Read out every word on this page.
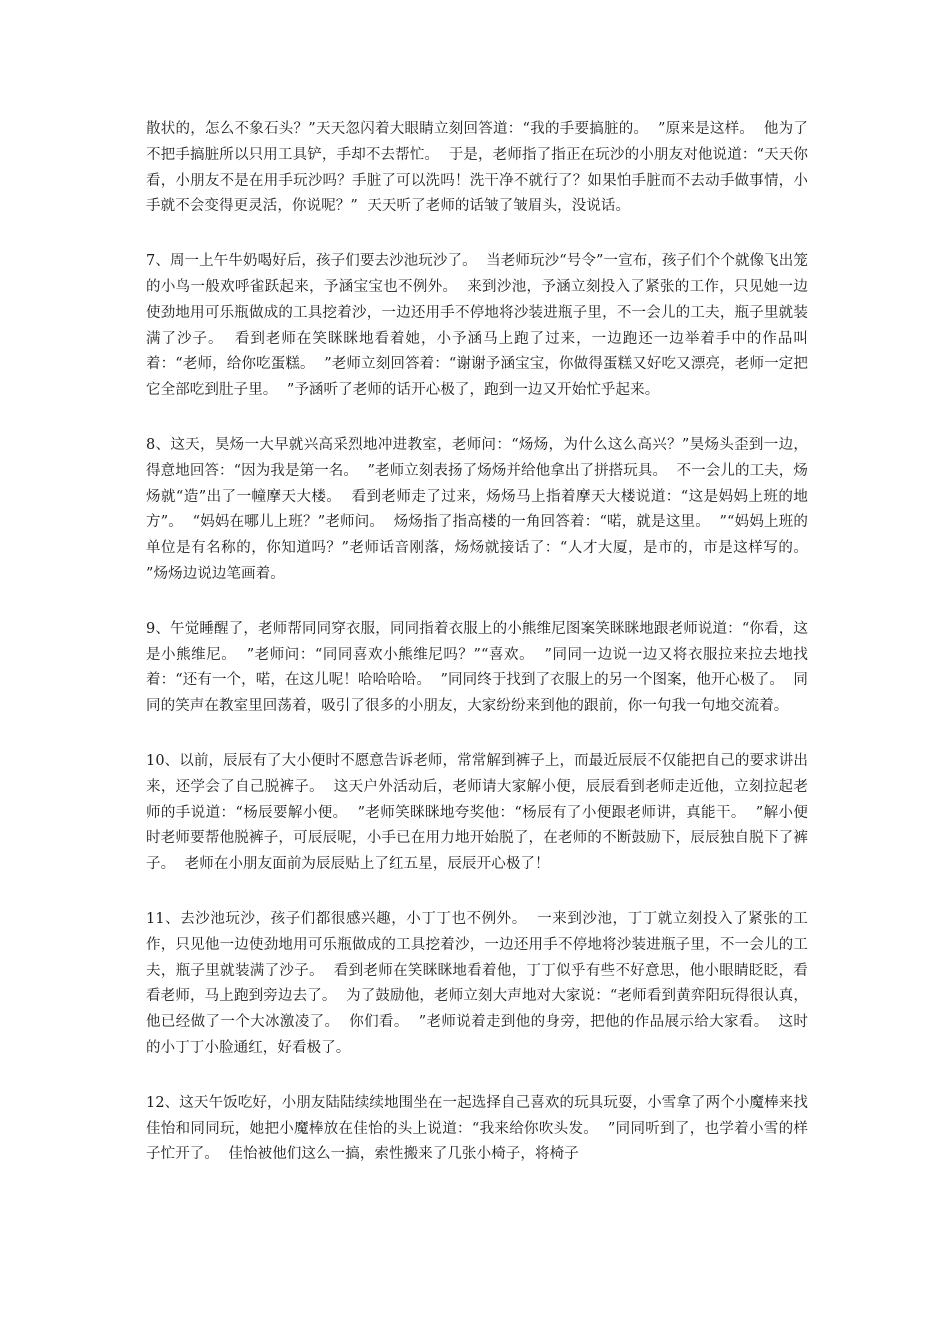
散状的，怎么不象石头？”天天忽闪着大眼睛立刻回答道：“我的手要搞脏的。  ”原来是这样。  他为了不把手搞脏所以只用工具铲，手却不去帮忙。  于是，老师指了指正在玩沙的小朋友对他说道：“天天你看，小朋友不是在用手玩沙吗？手脏了可以洗吗！洗干净不就行了？如果怕手脏而不去动手做事情，小手就不会变得更灵活，你说呢？”  天天听了老师的话皱了皱眉头，没说话。

7、周一上午牛奶喝好后，孩子们要去沙池玩沙了。  当老师玩沙“号令”一宣布，孩子们个个就像飞出笼的小鸟一般欢呼雀跃起来，予涵宝宝也不例外。  来到沙池，予涵立刻投入了紧张的工作，只见她一边使劲地用可乐瓶做成的工具挖着沙，一边还用手不停地将沙装进瓶子里，不一会儿的工夫，瓶子里就装满了沙子。  看到老师在笑眯眯地看着她，小予涵马上跑了过来，一边跑还一边举着手中的作品叫着：“老师，给你吃蛋糕。  ”老师立刻回答着：“谢谢予涵宝宝，你做得蛋糕又好吃又漂亮，老师一定把它全部吃到肚子里。  ”予涵听了老师的话开心极了，跑到一边又开始忙乎起来。

8、这天，昊炀一大早就兴高采烈地冲进教室，老师问：“炀炀，为什么这么高兴？”昊炀头歪到一边，得意地回答：“因为我是第一名。  ”老师立刻表扬了炀炀并给他拿出了拼搭玩具。  不一会儿的工夫，炀炀就“造”出了一幢摩天大楼。  看到老师走了过来，炀炀马上指着摩天大楼说道：“这是妈妈上班的地方”。  “妈妈在哪儿上班？”老师问。  炀炀指了指高楼的一角回答着：“喏，就是这里。  ”“妈妈上班的单位是有名称的，你知道吗？”老师话音刚落，炀炀就接话了：“人才大厦，是市的，市是这样写的。  ”炀炀边说边笔画着。

9、午觉睡醒了，老师帮同同穿衣服，同同指着衣服上的小熊维尼图案笑眯眯地跟老师说道：“你看，这是小熊维尼。  ”老师问：“同同喜欢小熊维尼吗？”“喜欢。  ”同同一边说一边又将衣服拉来拉去地找着：“还有一个，喏，在这儿呢！哈哈哈哈。  ”同同终于找到了衣服上的另一个图案，他开心极了。  同同的笑声在教室里回荡着，吸引了很多的小朋友，大家纷纷来到他的跟前，你一句我一句地交流着。

10、以前，辰辰有了大小便时不愿意告诉老师，常常解到裤子上，而最近辰辰不仅能把自己的要求讲出来，还学会了自己脱裤子。  这天户外活动后，老师请大家解小便，辰辰看到老师走近他，立刻拉起老师的手说道：“杨辰要解小便。  ”老师笑眯眯地夸奖他：“杨辰有了小便跟老师讲，真能干。  ”解小便时老师要帮他脱裤子，可辰辰呢，小手已在用力地开始脱了，在老师的不断鼓励下，辰辰独自脱下了裤子。  老师在小朋友面前为辰辰贴上了红五星，辰辰开心极了！

11、去沙池玩沙，孩子们都很感兴趣，小丁丁也不例外。  一来到沙池，丁丁就立刻投入了紧张的工作，只见他一边使劲地用可乐瓶做成的工具挖着沙，一边还用手不停地将沙装进瓶子里，不一会儿的工夫，瓶子里就装满了沙子。  看到老师在笑眯眯地看着他，丁丁似乎有些不好意思，他小眼睛眨眨，看看老师，马上跑到旁边去了。  为了鼓励他，老师立刻大声地对大家说：“老师看到黄弈阳玩得很认真，他已经做了一个大冰激凌了。  你们看。  ”老师说着走到他的身旁，把他的作品展示给大家看。  这时的小丁丁小脸通红，好看极了。

12、这天午饭吃好，小朋友陆陆续续地围坐在一起选择自己喜欢的玩具玩耍，小雪拿了两个小魔棒来找佳怡和同同玩，她把小魔棒放在佳怡的头上说道：“我来给你吹头发。  ”同同听到了，也学着小雪的样子忙开了。  佳怡被他们这么一搞，索性搬来了几张小椅子，将椅子
